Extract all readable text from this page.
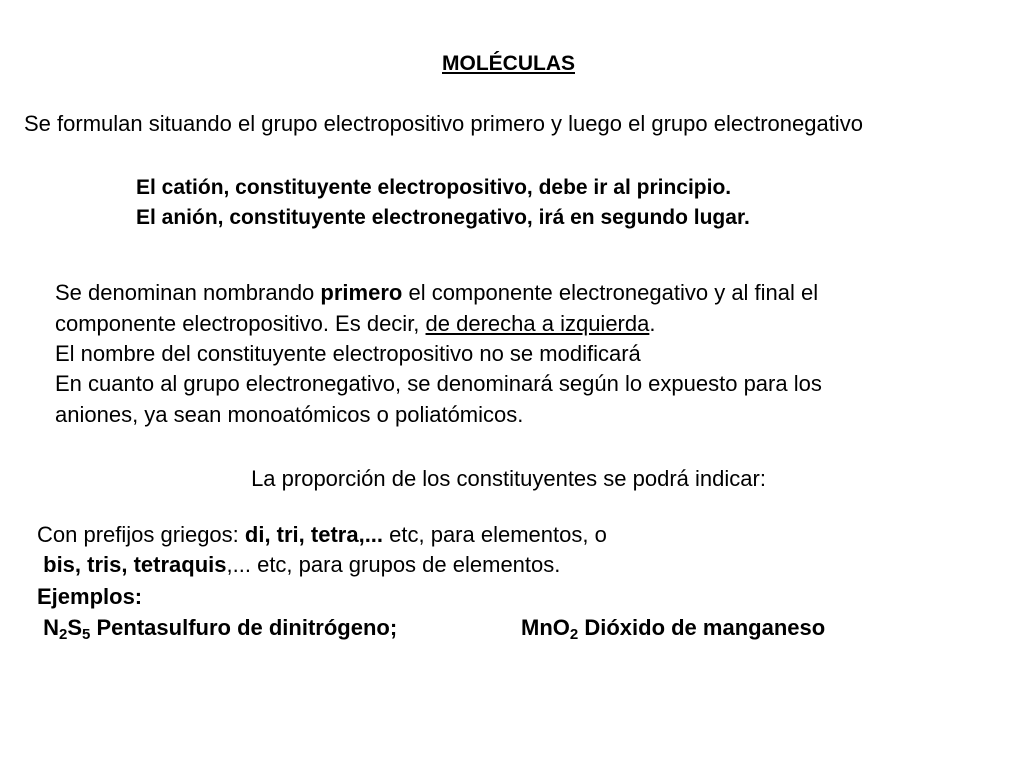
MOLÉCULAS
Se formulan situando el grupo electropositivo primero y luego el grupo electronegativo
El catión, constituyente electropositivo, debe ir al principio.
El anión, constituyente electronegativo, irá en segundo lugar.
Se denominan nombrando primero el componente electronegativo y al final el
componente electropositivo. Es decir, de derecha a izquierda.
El nombre del constituyente electropositivo no se modificará
En cuanto al grupo electronegativo, se denominará según lo expuesto para los
aniones, ya sean monoatómicos o poliatómicos.
La proporción de los constituyentes se podrá indicar:
Con prefijos griegos: di, tri, tetra,... etc, para elementos, o
bis, tris, tetraquis,... etc, para grupos de elementos.
Ejemplos:
$N_2S_5$ Pentasulfuro de dinitrógeno;	MnO$_2$ Dióxido de manganeso
